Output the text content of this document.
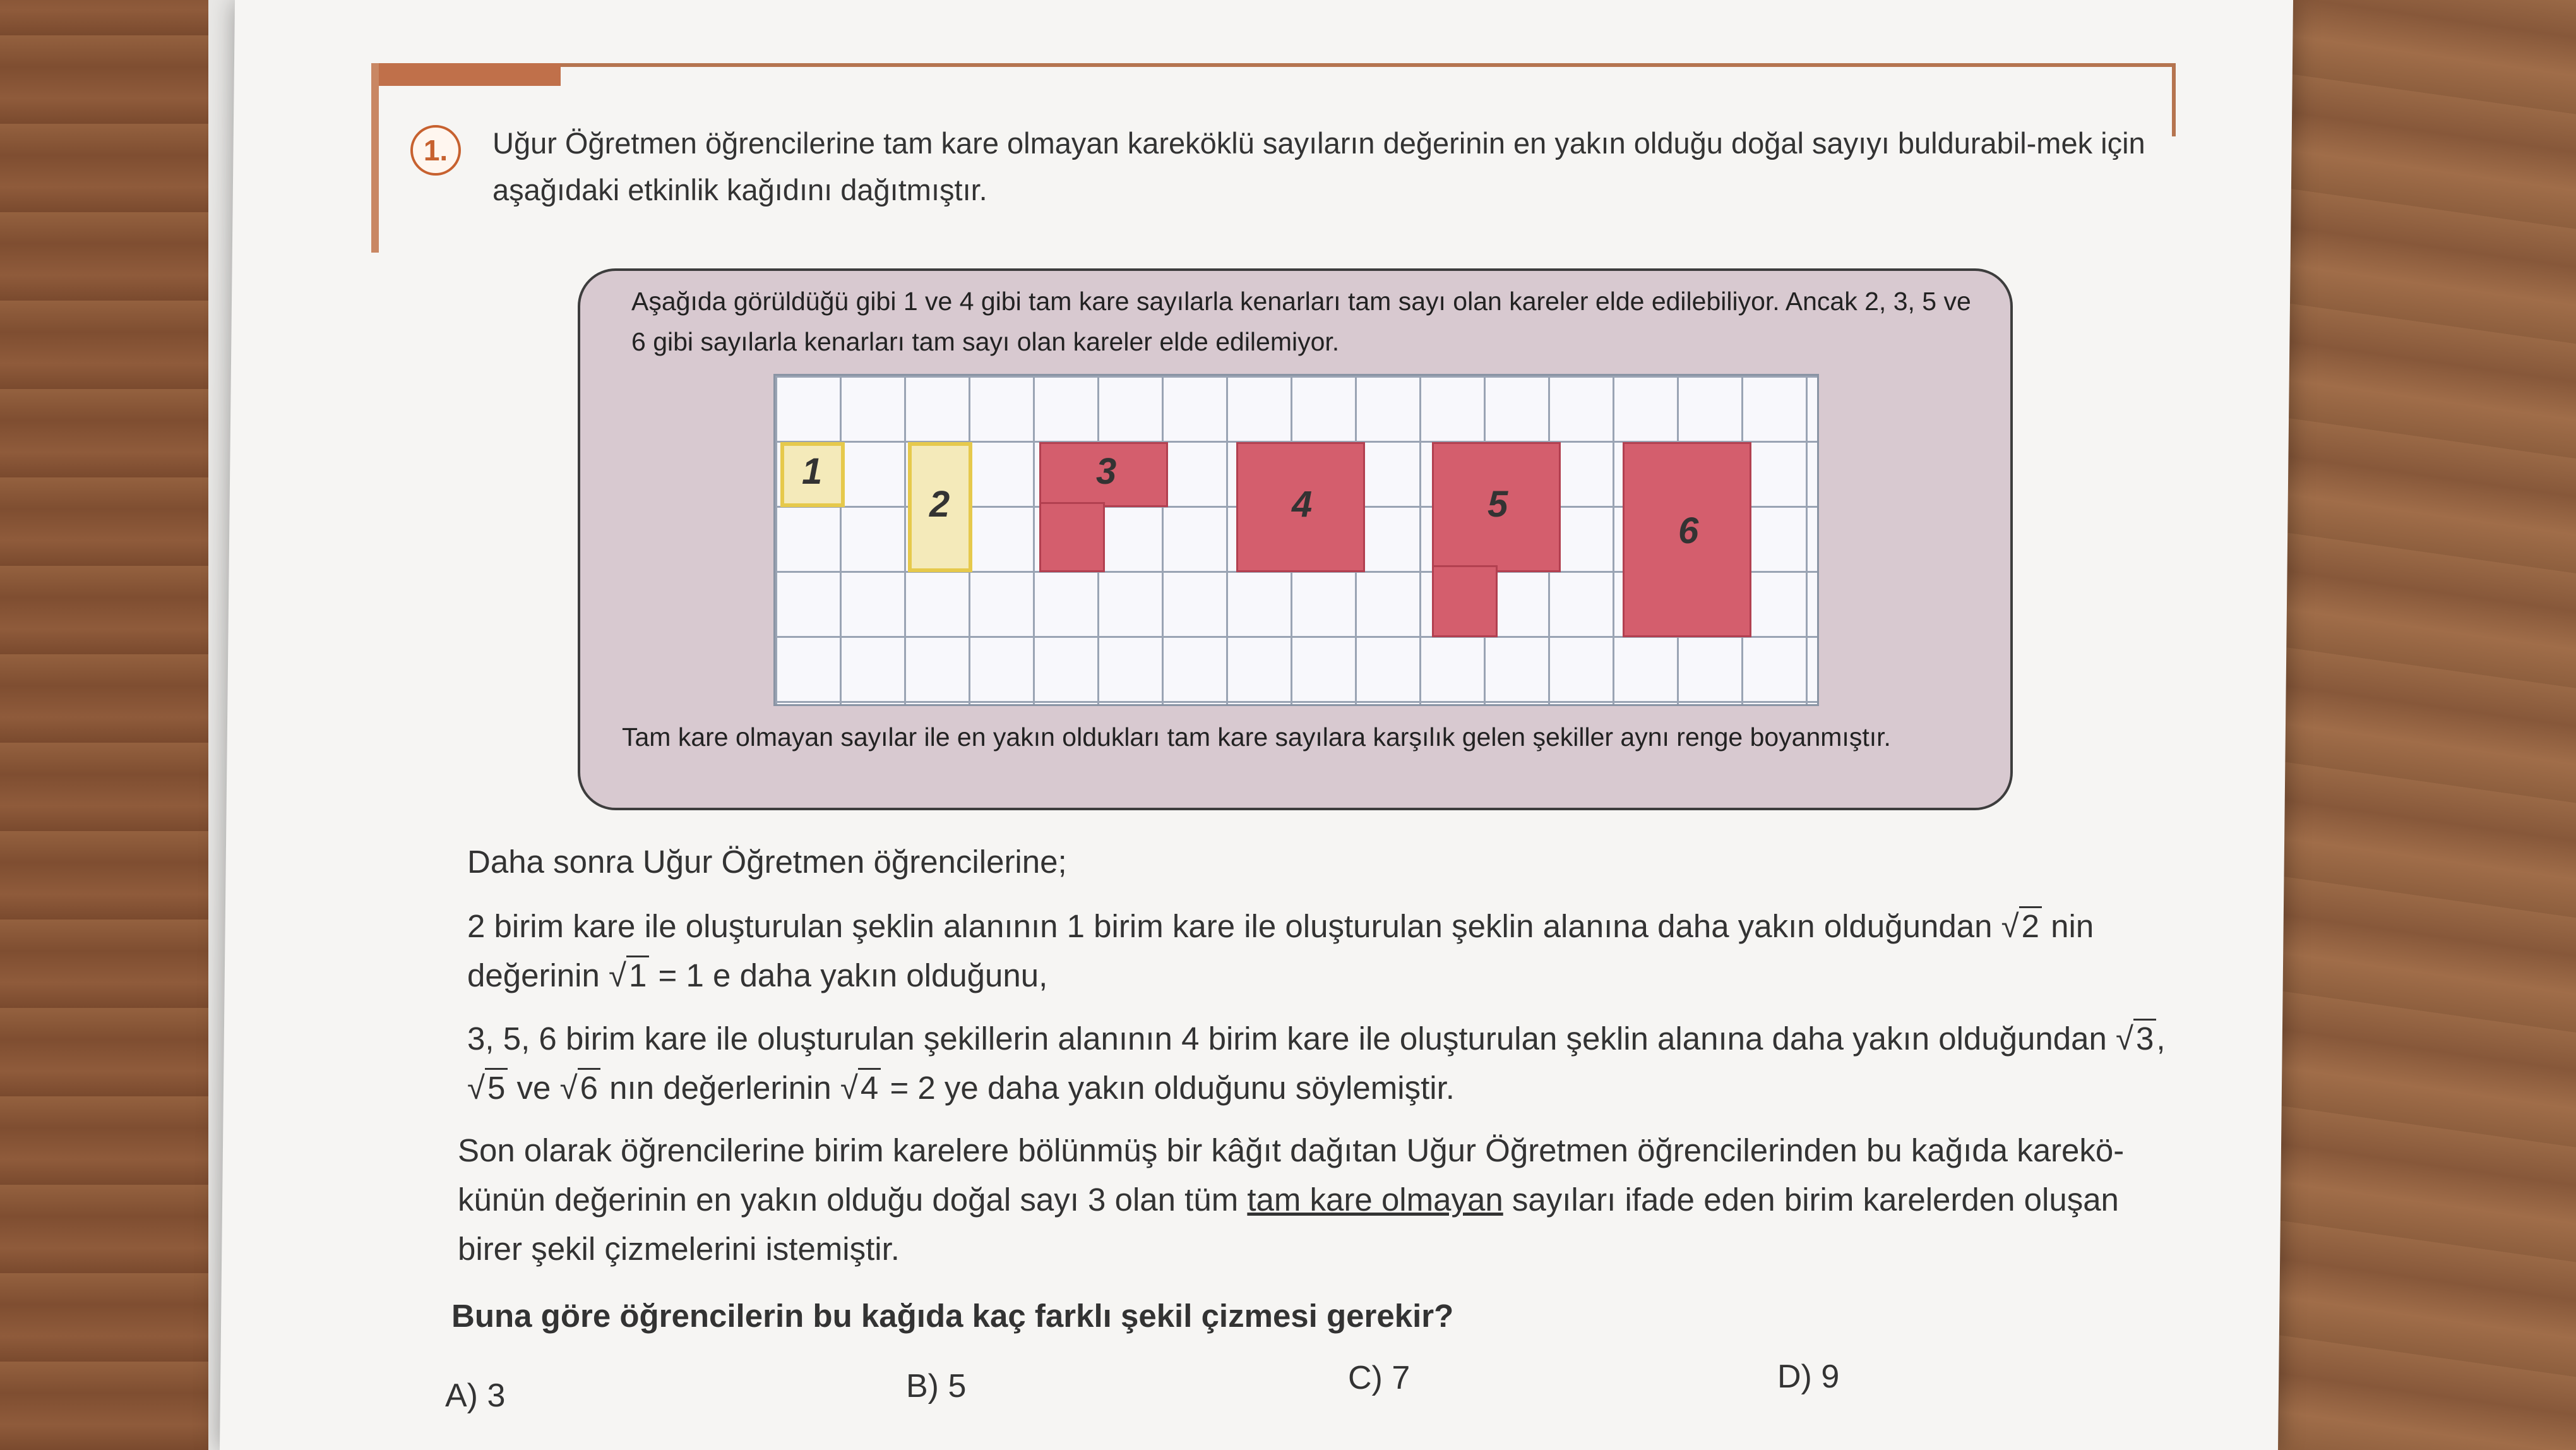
1.	Uğur Öğretmen öğrencilerine tam kare olmayan kareköklü sayıların değerinin en yakın olduğu doğal sayıyı buldurabil-mek için aşağıdaki etkinlik kağıdını dağıtmıştır.
Aşağıda görüldüğü gibi 1 ve 4 gibi tam kare sayılarla kenarları tam sayı olan kareler elde edilebiliyor. Ancak 2, 3, 5 ve 6 gibi sayılarla kenarları tam sayı olan kareler elde edilemiyor.
1
2
3
4	5
6
Tam kare olmayan sayılar ile en yakın oldukları tam kare sayılara karşılık gelen şekiller aynı renge boyanmıştır.
Daha sonra Uğur Öğretmen öğrencilerine;
2 birim kare ile oluşturulan şeklin alanının 1 birim kare ile oluşturulan şeklin alanına daha yakın olduğundan √2 nin değerinin √1 = 1 e daha yakın olduğunu,
3, 5, 6 birim kare ile oluşturulan şekillerin alanının 4 birim kare ile oluşturulan şeklin alanına daha yakın olduğundan √3, √5 ve √6 nın değerlerinin √4 = 2 ye daha yakın olduğunu söylemiştir.
Son olarak öğrencilerine birim karelere bölünmüş bir kâğıt dağıtan Uğur Öğretmen öğrencilerinden bu kağıda karekö-künün değerinin en yakın olduğu doğal sayı 3 olan tüm tam kare olmayan sayıları ifade eden birim karelerden oluşan birer şekil çizmelerini istemiştir.
Buna göre öğrencilerin bu kağıda kaç farklı şekil çizmesi gerekir?
A) 3	B) 5	C) 7	D) 9
